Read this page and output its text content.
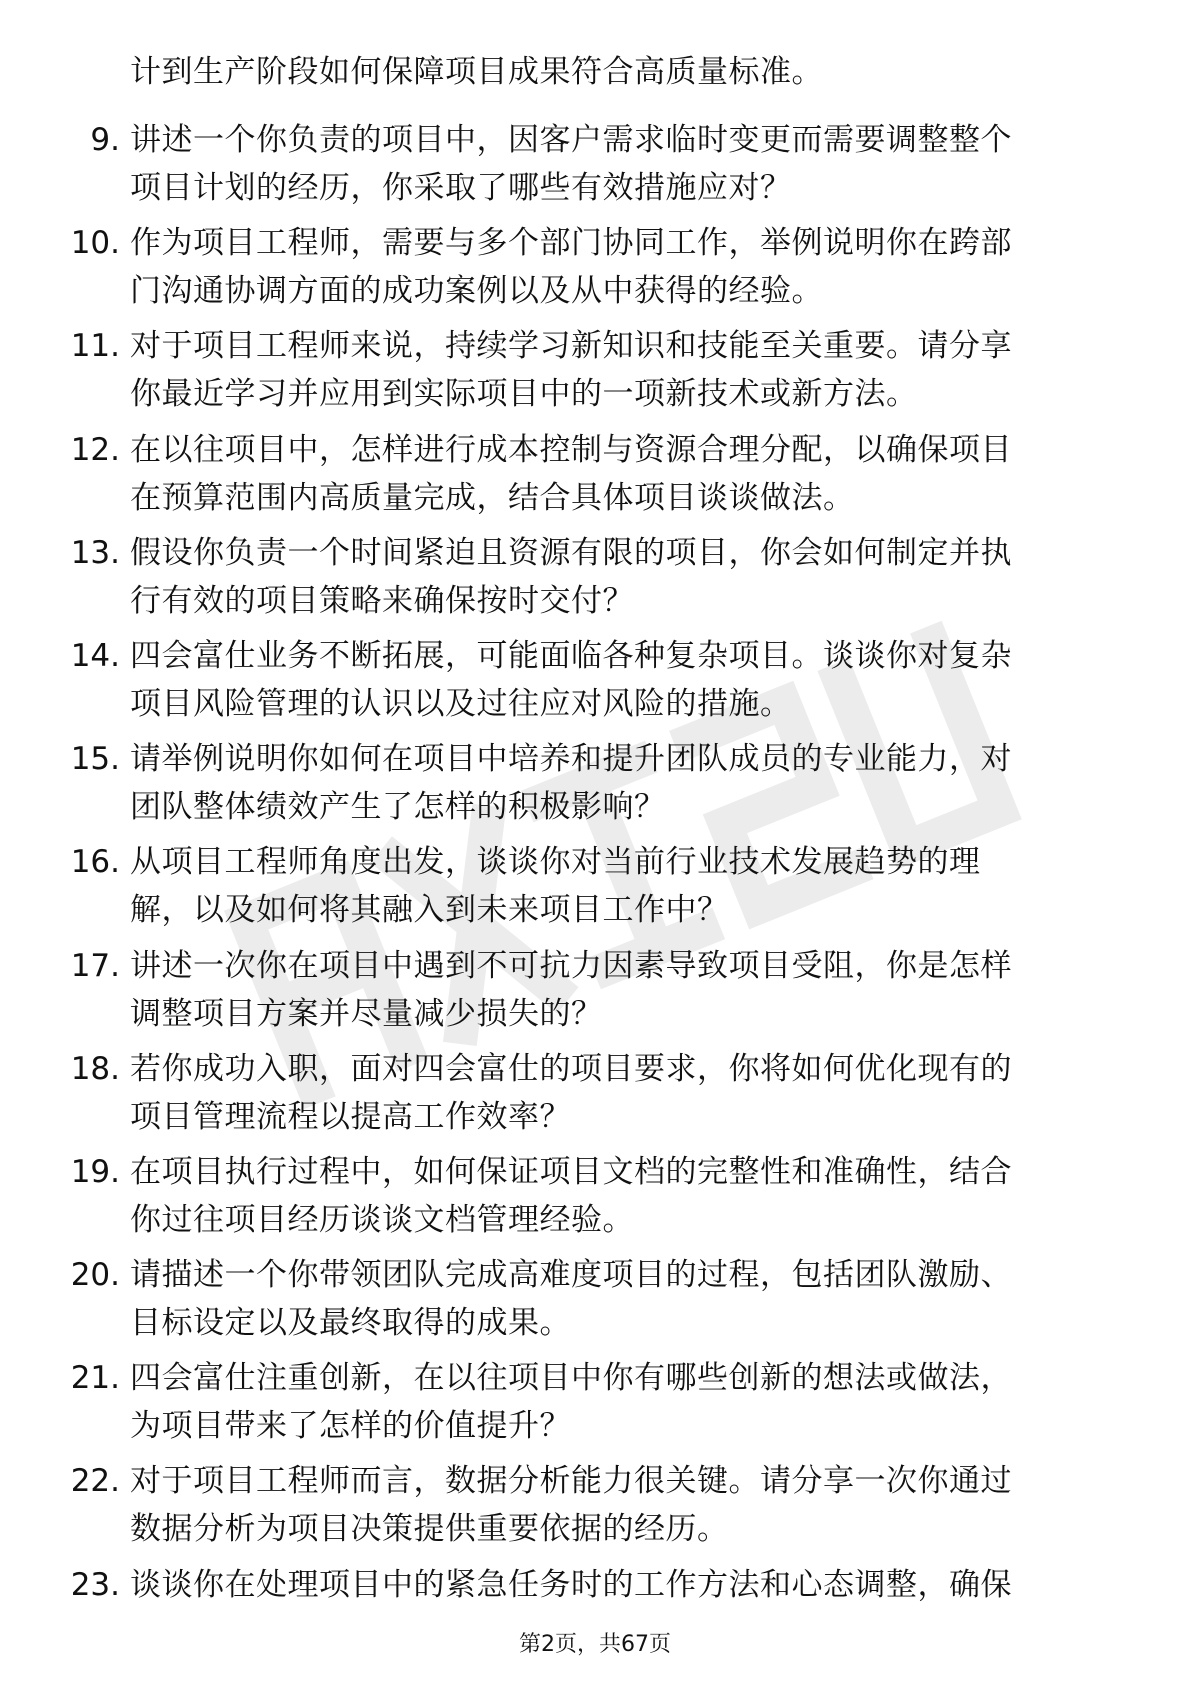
计到生产阶段如何保障项目成果符合高质量标准。
9. 讲述一个你负责的项目中，因客户需求临时变更而需要调整整个
项目计划的经历，你采取了哪些有效措施应对？
10. 作为项目工程师，需要与多个部门协同工作，举例说明你在跨部
门沟通协调方面的成功案例以及从中获得的经验。
11. 对于项目工程师来说，持续学习新知识和技能至关重要。请分享
你最近学习并应用到实际项目中的一项新技术或新方法。
12. 在以往项目中，怎样进行成本控制与资源合理分配，以确保项目
在预算范围内高质量完成，结合具体项目谈谈做法。
13. 假设你负责一个时间紧迫且资源有限的项目，你会如何制定并执
行有效的项目策略来确保按时交付？
14. 四会富仕业务不断拓展，可能面临各种复杂项目。谈谈你对复杂
项目风险管理的认识以及过往应对风险的措施。
15. 请举例说明你如何在项目中培养和提升团队成员的专业能力，对
团队整体绩效产生了怎样的积极影响？
16. 从项目工程师角度出发，谈谈你对当前行业技术发展趋势的理
解，以及如何将其融入到未来项目工作中？
17. 讲述一次你在项目中遇到不可抗力因素导致项目受阻，你是怎样
调整项目方案并尽量减少损失的？
18. 若你成功入职，面对四会富仕的项目要求，你将如何优化现有的
项目管理流程以提高工作效率？
19. 在项目执行过程中，如何保证项目文档的完整性和准确性，结合
你过往项目经历谈谈文档管理经验。
20. 请描述一个你带领团队完成高难度项目的过程，包括团队激励、
目标设定以及最终取得的成果。
21. 四会富仕注重创新，在以往项目中你有哪些创新的想法或做法，
为项目带来了怎样的价值提升？
22. 对于项目工程师而言，数据分析能力很关键。请分享一次你通过
数据分析为项目决策提供重要依据的经历。
23. 谈谈你在处理项目中的紧急任务时的工作方法和心态调整，确保
第2页，共67页
